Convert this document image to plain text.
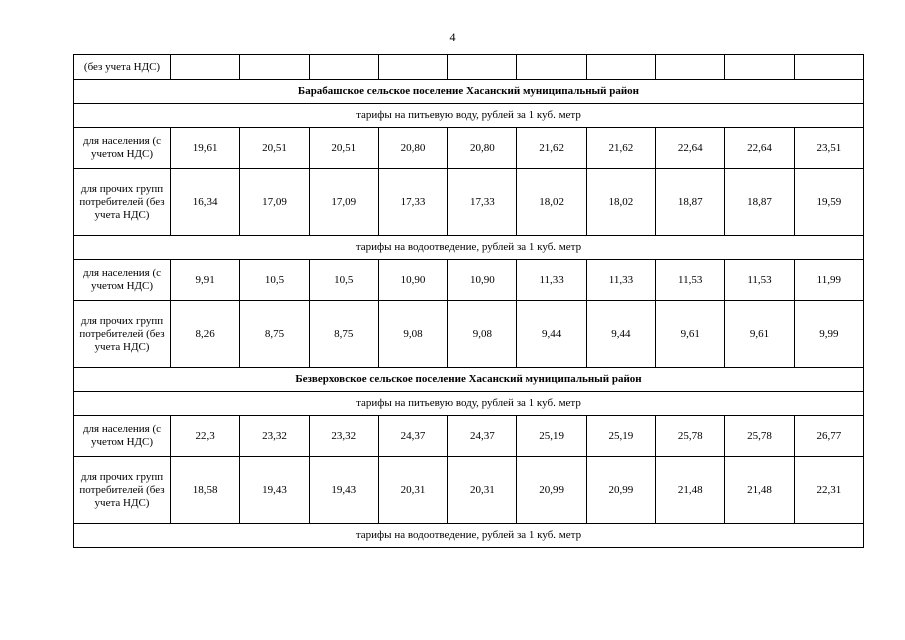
4
(без учета НДС)										
Барабашское сельское поселение Хасанский муниципальный район										
тарифы на питьевую воду, рублей за 1 куб. метр										
для населения (с учетом НДС)	19,61	20,51	20,51	20,80	20,80	21,62	21,62	22,64	22,64	23,51
для прочих групп потребителей (без учета НДС)	16,34	17,09	17,09	17,33	17,33	18,02	18,02	18,87	18,87	19,59
тарифы на водоотведение, рублей за 1 куб. метр										
для населения (с учетом НДС)	9,91	10,5	10,5	10,90	10,90	11,33	11,33	11,53	11,53	11,99
для прочих групп потребителей (без учета НДС)	8,26	8,75	8,75	9,08	9,08	9,44	9,44	9,61	9,61	9,99
Безверховское сельское поселение Хасанский муниципальный район										
тарифы на питьевую воду, рублей за 1 куб. метр										
для населения (с учетом НДС)	22,3	23,32	23,32	24,37	24,37	25,19	25,19	25,78	25,78	26,77
для прочих групп потребителей (без учета НДС)	18,58	19,43	19,43	20,31	20,31	20,99	20,99	21,48	21,48	22,31
тарифы на водоотведение, рублей за 1 куб. метр										
